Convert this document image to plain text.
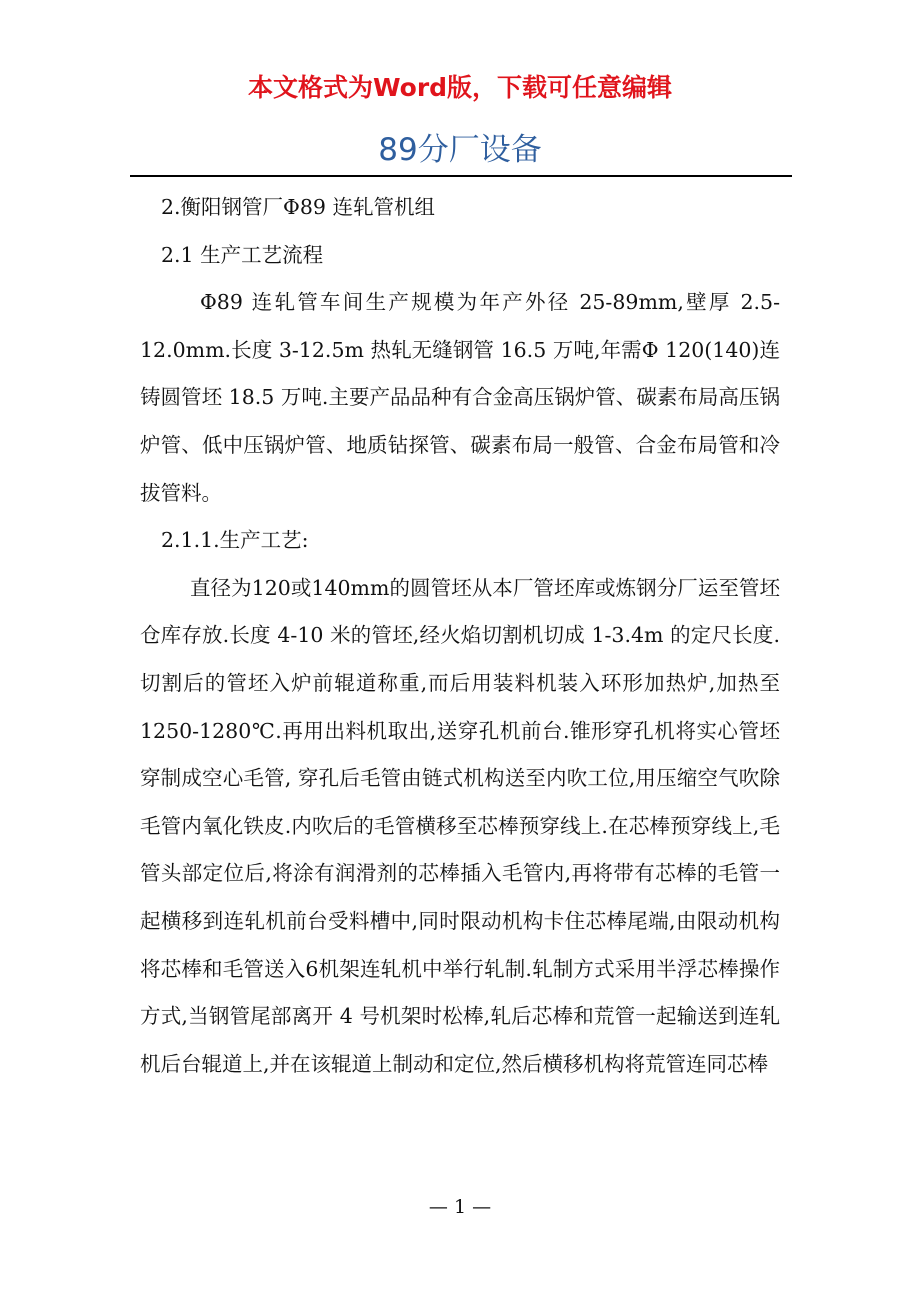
本文格式为Word版，下载可任意编辑
89分厂设备

2.衡阳钢管厂Φ89 连轧管机组

2.1 生产工艺流程

Φ89 连轧管车间生产规模为年产外径 25-89mm,壁厚 2.5-12.0mm.长度 3-12.5m 热轧无缝钢管 16.5 万吨,年需Φ 120(140)连铸圆管坯 18.5 万吨.主要产品品种有合金高压锅炉管、碳素布局高压锅炉管、低中压锅炉管、地质钻探管、碳素布局一般管、合金布局管和冷拔管料。

2.1.1.生产工艺:

直径为120或140mm的圆管坯从本厂管坯库或炼钢分厂运至管坯仓库存放.长度 4-10 米的管坯,经火焰切割机切成 1-3.4m 的定尺长度.切割后的管坯入炉前辊道称重,而后用装料机装入环形加热炉,加热至 1250-1280℃.再用出料机取出,送穿孔机前台.锥形穿孔机将实心管坯穿制成空心毛管, 穿孔后毛管由链式机构送至内吹工位,用压缩空气吹除毛管内氧化铁皮.内吹后的毛管横移至芯棒预穿线上.在芯棒预穿线上,毛管头部定位后,将涂有润滑剂的芯棒插入毛管内,再将带有芯棒的毛管一起横移到连轧机前台受料槽中,同时限动机构卡住芯棒尾端,由限动机构将芯棒和毛管送入6机架连轧机中举行轧制.轧制方式采用半浮芯棒操作方式,当钢管尾部离开 4 号机架时松棒,轧后芯棒和荒管一起输送到连轧机后台辊道上,并在该辊道上制动和定位,然后横移机构将荒管连同芯棒

— 1 —
